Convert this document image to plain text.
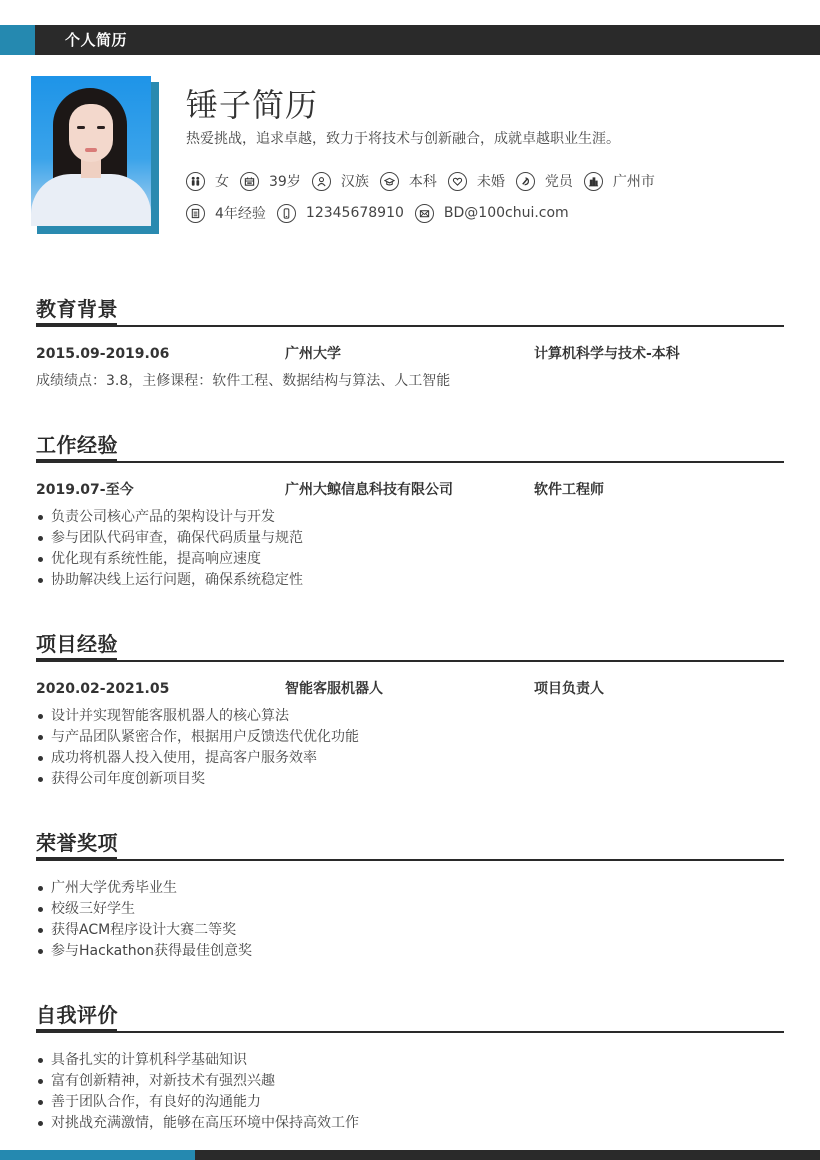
个人简历
锤子简历
热爱挑战，追求卓越，致力于将技术与创新融合，成就卓越职业生涯。
女	39岁	汉族	本科	未婚	党员	广州市
4年经验	12345678910	BD@100chui.com
教育背景
2015.09-2019.06	广州大学	计算机科学与技术-本科
成绩绩点：3.8，主修课程：软件工程、数据结构与算法、人工智能
工作经验
2019.07-至今	广州大鲸信息科技有限公司	软件工程师
负责公司核心产品的架构设计与开发
参与团队代码审查，确保代码质量与规范
优化现有系统性能，提高响应速度
协助解决线上运行问题，确保系统稳定性
项目经验
2020.02-2021.05	智能客服机器人	项目负责人
设计并实现智能客服机器人的核心算法
与产品团队紧密合作，根据用户反馈迭代优化功能
成功将机器人投入使用，提高客户服务效率
获得公司年度创新项目奖
荣誉奖项
广州大学优秀毕业生
校级三好学生
获得ACM程序设计大赛二等奖
参与Hackathon获得最佳创意奖
自我评价
具备扎实的计算机科学基础知识
富有创新精神，对新技术有强烈兴趣
善于团队合作，有良好的沟通能力
对挑战充满激情，能够在高压环境中保持高效工作
